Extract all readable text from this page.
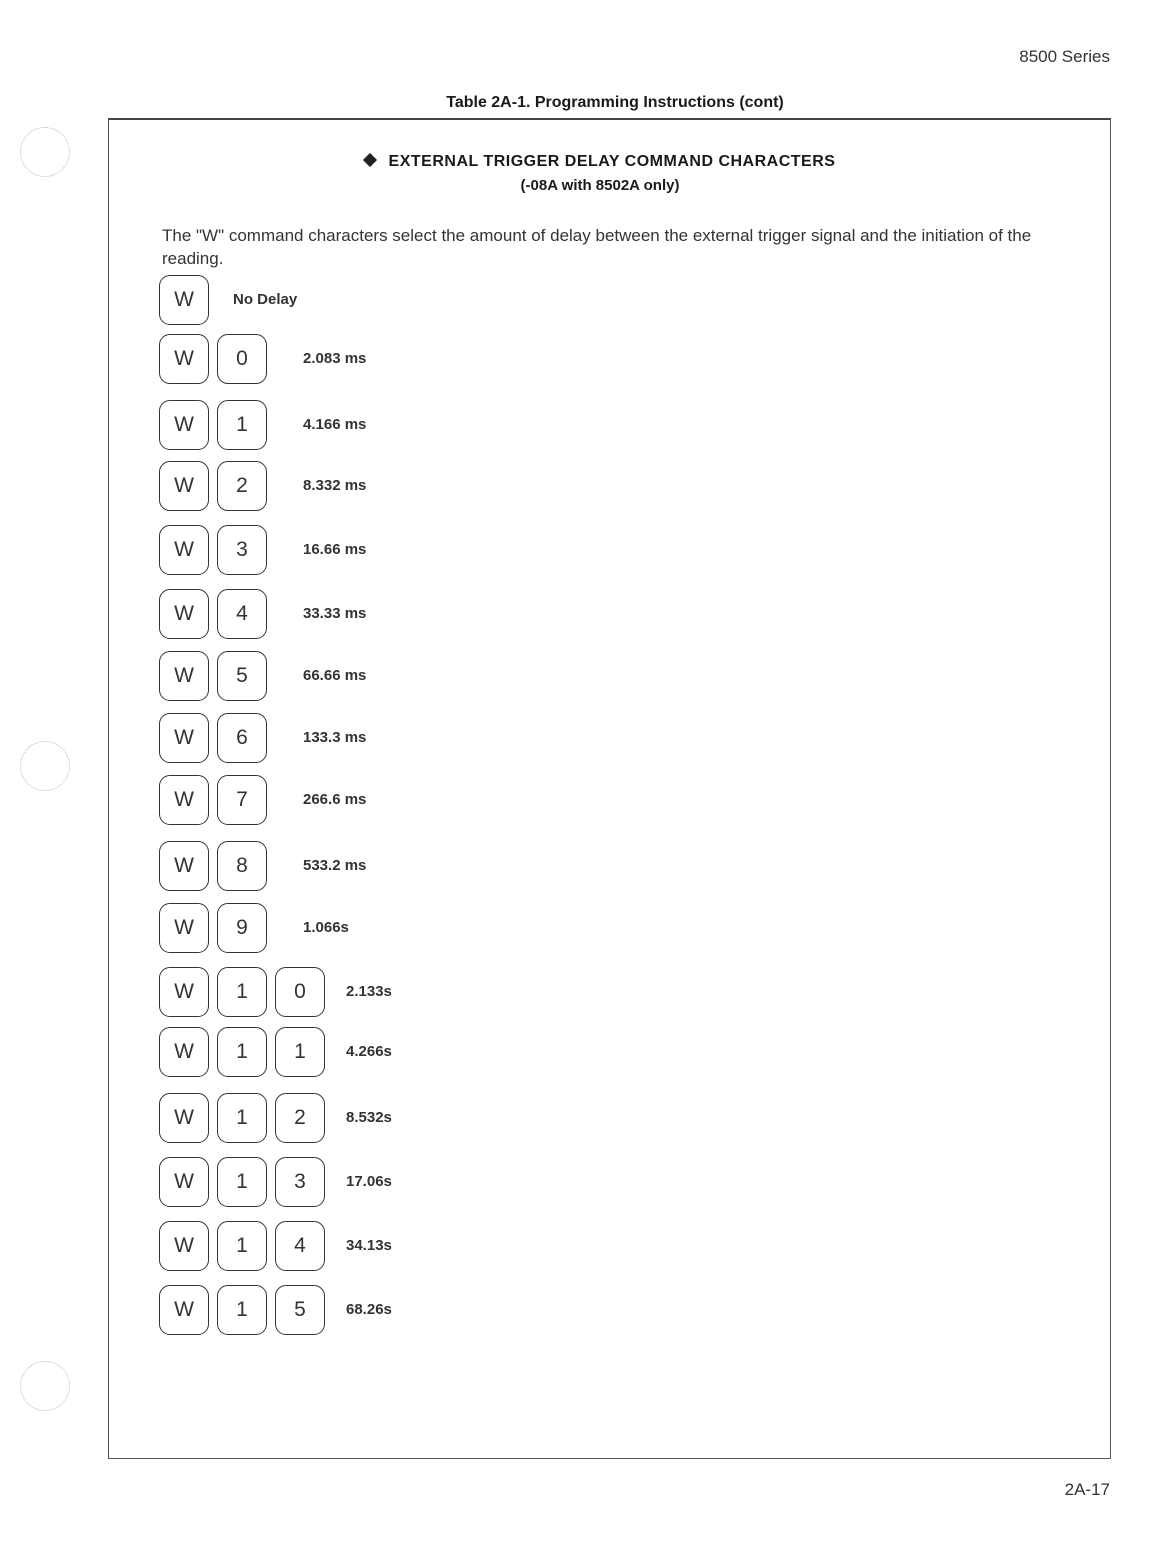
8500 Series
Table 2A-1. Programming Instructions (cont)
EXTERNAL TRIGGER DELAY COMMAND CHARACTERS
(-08A with 8502A only)
The "W" command characters select the amount of delay between the external trigger signal and the initiation of the reading.
W	No Delay
W	0	2.083 ms
W	1	4.166 ms
W	2	8.332 ms
W	3	16.66 ms
W	4	33.33 ms
W	5	66.66 ms
W	6	133.3 ms
W	7	266.6 ms
W	8	533.2 ms
W	9	1.066s
W	1	0	2.133s
W	1	1	4.266s
W	1	2	8.532s
W	1	3	17.06s
W	1	4	34.13s
W	1	5	68.26s
2A-17
